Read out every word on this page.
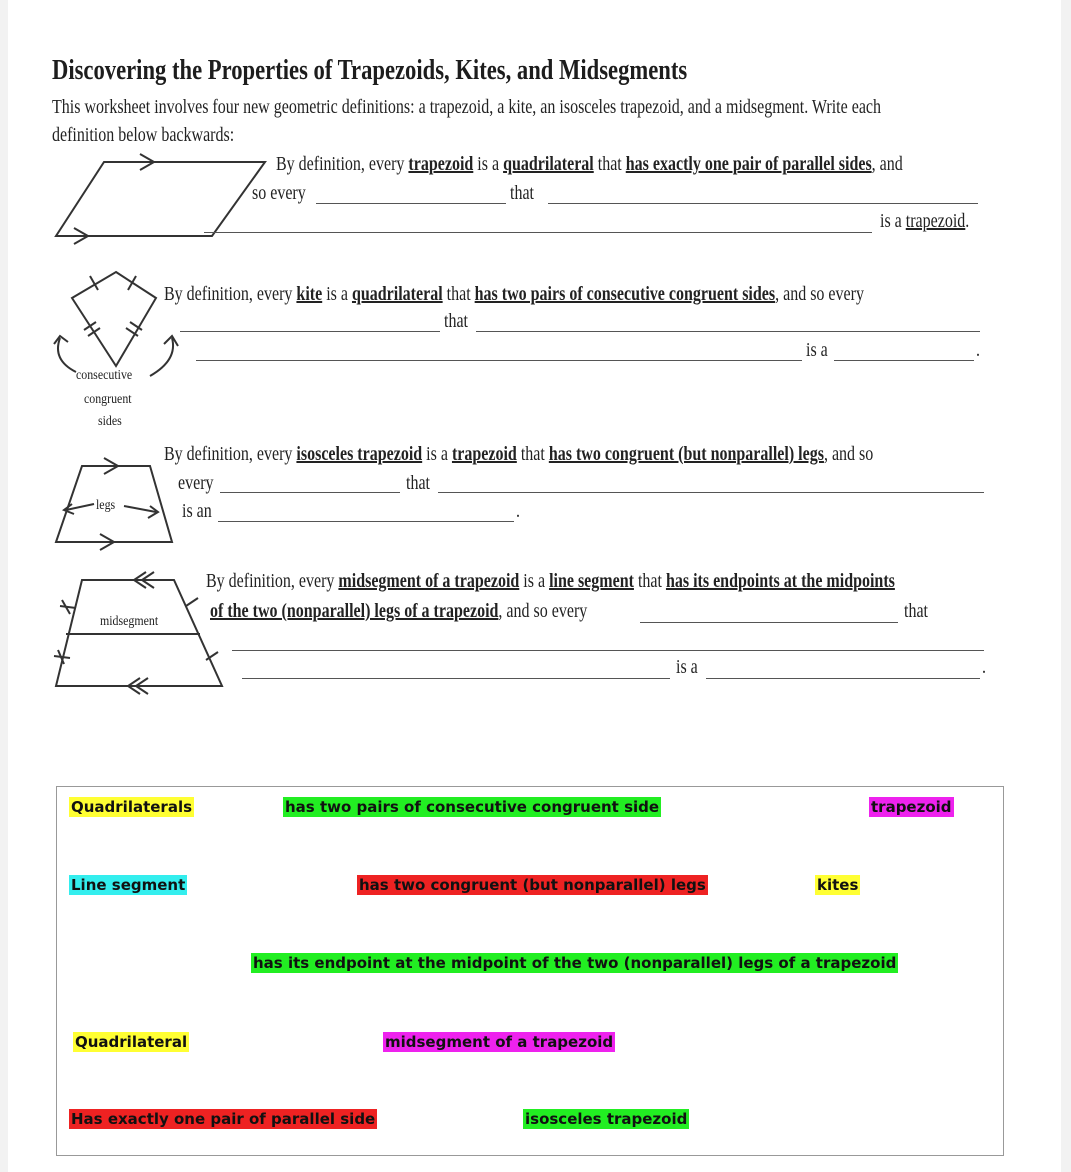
Discovering the Properties of Trapezoids, Kites, and Midsegments
This worksheet involves four new geometric definitions: a trapezoid, a kite, an isosceles trapezoid, and a midsegment. Write each
definition below backwards:
By definition, every trapezoid is a quadrilateral that has exactly one pair of parallel sides, and
so every	that
is a trapezoid.
consecutive
congruent
sides
By definition, every kite is a quadrilateral that has two pairs of consecutive congruent sides, and so every
that
is a	.
legs
By definition, every isosceles trapezoid is a trapezoid that has two congruent (but nonparallel) legs, and so
every	that
is an	.
midsegment
By definition, every midsegment of a trapezoid is a line segment that has its endpoints at the midpoints
of the two (nonparallel) legs of a trapezoid, and so every	that
is a	.
Quadrilaterals	has two pairs of consecutive congruent side	trapezoid
Line segment	has two congruent (but nonparallel) legs	kites
has its endpoint at the midpoint of the two (nonparallel) legs of a trapezoid
Quadrilateral	midsegment of a trapezoid
Has exactly one pair of parallel side	isosceles trapezoid
